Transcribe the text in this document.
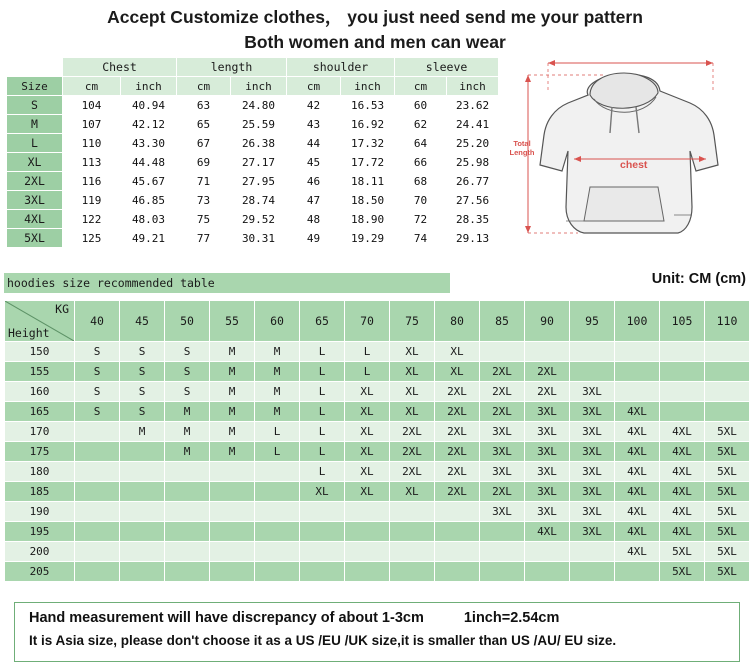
Accept Customize clothes， you just need send me your pattern
Both women and men can wear
	Chest		length		shoulder		sleeve	
Size	cm	inch	cm	inch	cm	inch	cm	inch
S	104	40.94	63	24.80	42	16.53	60	23.62
M	107	42.12	65	25.59	43	16.92	62	24.41
L	110	43.30	67	26.38	44	17.32	64	25.20
XL	113	44.48	69	27.17	45	17.72	66	25.98
2XL	116	45.67	71	27.95	46	18.11	68	26.77
3XL	119	46.85	73	28.74	47	18.50	70	27.56
4XL	122	48.03	75	29.52	48	18.90	72	28.35
5XL	125	49.21	77	30.31	49	19.29	74	29.13
chest
Total
Length
hoodies size recommended table	Unit: CM (cm)
KG
Height	40	45	50	55	60	65	70	75	80	85	90	95	100	105	110
150	S	S	S	M	M	L	L	XL	XL						
155	S	S	S	M	M	L	L	XL	XL	2XL	2XL				
160	S	S	S	M	M	L	XL	XL	2XL	2XL	2XL	3XL			
165	S	S	M	M	M	L	XL	XL	2XL	2XL	3XL	3XL	4XL		
170		M	M	M	L	L	XL	2XL	2XL	3XL	3XL	3XL	4XL	4XL	5XL
175			M	M	L	L	XL	2XL	2XL	3XL	3XL	3XL	4XL	4XL	5XL
180						L	XL	2XL	2XL	3XL	3XL	3XL	4XL	4XL	5XL
185						XL	XL	XL	2XL	2XL	3XL	3XL	4XL	4XL	5XL
190										3XL	3XL	3XL	4XL	4XL	5XL
195											4XL	3XL	4XL	4XL	5XL
200													4XL	5XL	5XL
205														5XL	5XL
Hand measurement will have discrepancy of about 1-3cm	1inch=2.54cm
It is Asia size, please don't choose it as a US /EU /UK size,it is smaller than US /AU/ EU size.
